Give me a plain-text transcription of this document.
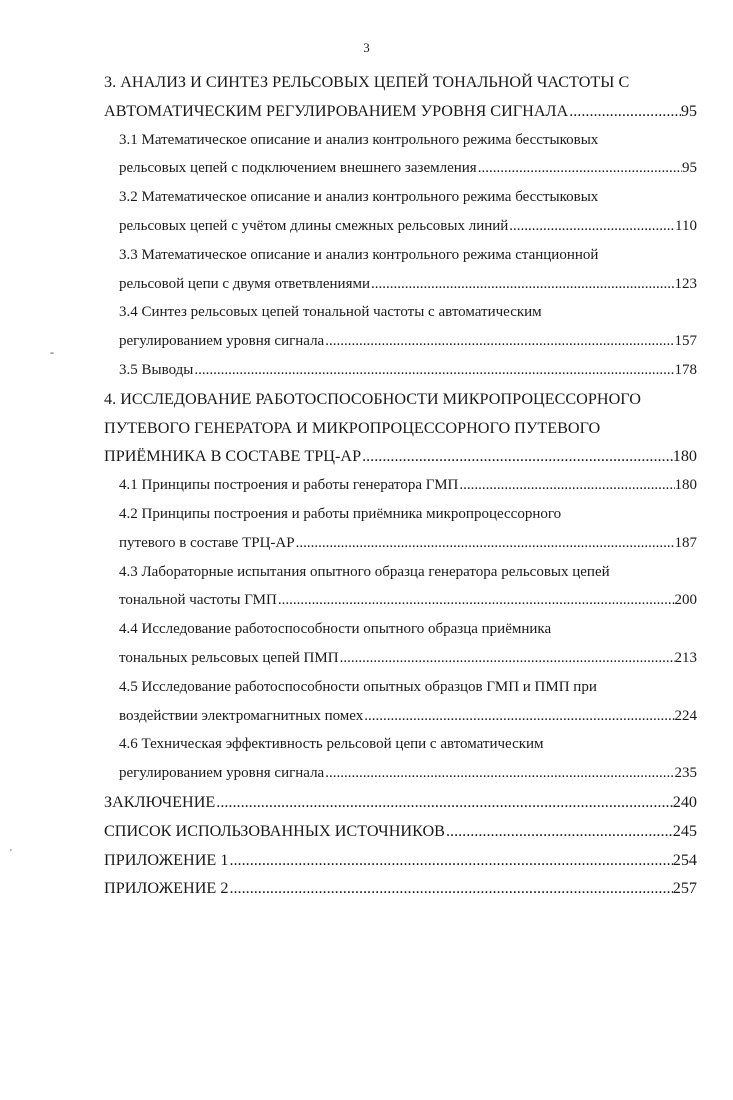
3
-
'
3. АНАЛИЗ И СИНТЕЗ РЕЛЬСОВЫХ ЦЕПЕЙ ТОНАЛЬНОЙ ЧАСТОТЫ С
АВТОМАТИЧЕСКИМ РЕГУЛИРОВАНИЕМ УРОВНЯ СИГНАЛА .....	95
3.1 Математическое описание и анализ контрольного режима бесстыковых
рельсовых цепей с подключением внешнего заземления .....	95
3.2 Математическое описание и анализ контрольного режима бесстыковых
рельсовых цепей с учётом длины смежных рельсовых линий .....	110
3.3 Математическое описание и анализ контрольного режима станционной
рельсовой цепи с двумя ответвлениями .....	123
3.4 Синтез рельсовых цепей тональной частоты с автоматическим
регулированием уровня сигнала .....	157
3.5 Выводы .....	178
4. ИССЛЕДОВАНИЕ РАБОТОСПОСОБНОСТИ МИКРОПРОЦЕССОРНОГО
ПУТЕВОГО ГЕНЕРАТОРА И МИКРОПРОЦЕССОРНОГО ПУТЕВОГО
ПРИЁМНИКА В СОСТАВЕ ТРЦ-АР .....	180
4.1 Принципы построения и работы генератора ГМП .....	180
4.2 Принципы построения и работы приёмника микропроцессорного
путевого в составе ТРЦ-АР .....	187
4.3 Лабораторные испытания опытного образца генератора рельсовых цепей
тональной частоты ГМП .....	200
4.4 Исследование работоспособности опытного образца приёмника
тональных рельсовых цепей ПМП .....	213
4.5 Исследование работоспособности опытных образцов ГМП и ПМП при
воздействии электромагнитных помех .....	224
4.6 Техническая эффективность рельсовой цепи с автоматическим
регулированием уровня сигнала .....	235
ЗАКЛЮЧЕНИЕ .....	240
СПИСОК ИСПОЛЬЗОВАННЫХ ИСТОЧНИКОВ .....	245
ПРИЛОЖЕНИЕ 1 .....	254
ПРИЛОЖЕНИЕ 2 .....	257
